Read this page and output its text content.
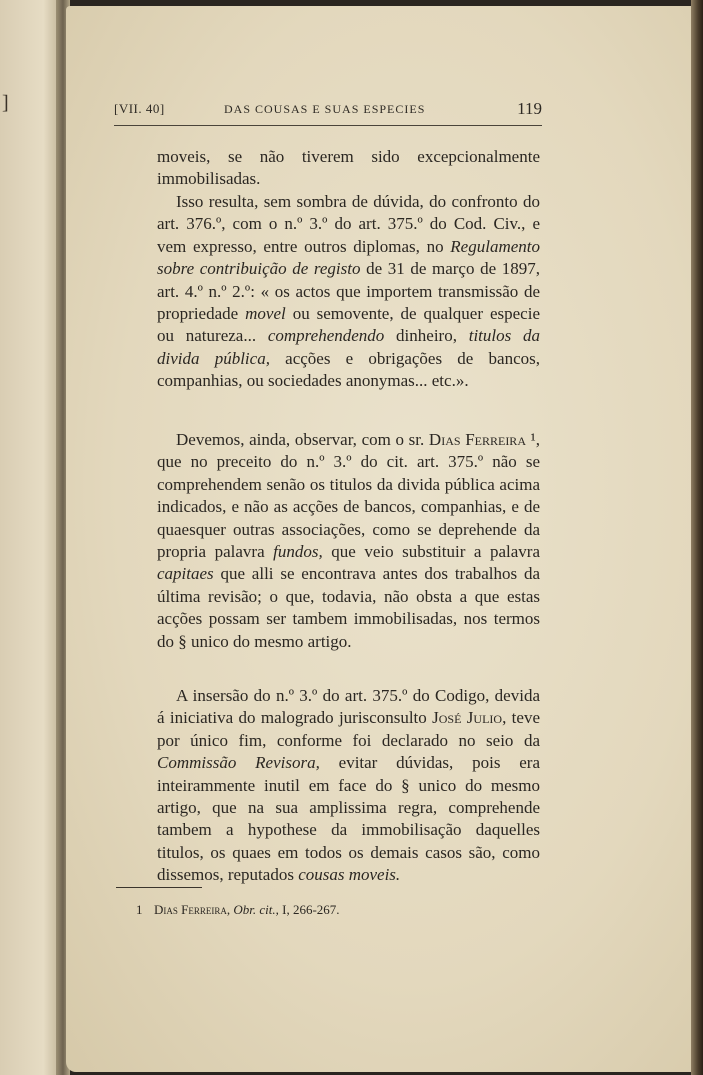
]	[VII. 40]	DAS COUSAS E SUAS ESPECIES	119

moveis, se não tiverem sido excepcionalmente immobilisadas.

Isso resulta, sem sombra de dúvida, do confronto do art. 376.º, com o n.º 3.º do art. 375.º do Cod. Civ., e vem expresso, entre outros diplomas, no Regulamento sobre contribuição de registo de 31 de março de 1897, art. 4.º n.º 2.º: « os actos que importem transmissão de propriedade movel ou semovente, de qualquer especie ou natureza... comprehendendo dinheiro, titulos da divida pública, acções e obrigações de bancos, companhias, ou sociedades anonymas... etc.».

Devemos, ainda, observar, com o sr. Dias Ferreira ¹, que no preceito do n.º 3.º do cit. art. 375.º não se comprehendem senão os titulos da divida pública acima indicados, e não as acções de bancos, companhias, e de quaesquer outras associações, como se deprehende da propria palavra fundos, que veio substituir a palavra capitaes que alli se encontrava antes dos trabalhos da última revisão; o que, todavia, não obsta a que estas acções possam ser tambem immobilisadas, nos termos do § unico do mesmo artigo.

A insersão do n.º 3.º do art. 375.º do Codigo, devida á iniciativa do malogrado jurisconsulto José Julio, teve por único fim, conforme foi declarado no seio da Commissão Revisora, evitar dúvidas, pois era inteirammente inutil em face do § unico do mesmo artigo, que na sua amplissima regra, comprehende tambem a hypothese da immobilisação daquelles titulos, os quaes em todos os demais casos são, como dissemos, reputados cousas moveis.

1 Dias Ferreira, Obr. cit., I, 266-267.
